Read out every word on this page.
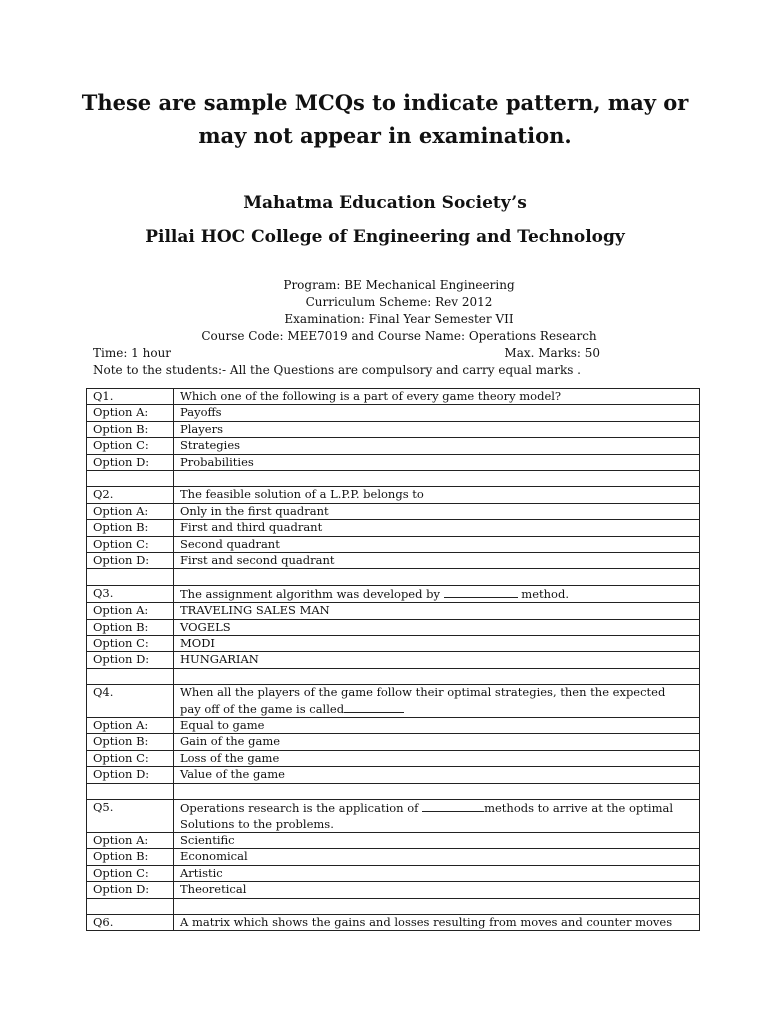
These are sample MCQs to indicate pattern, may or
may not appear in examination.
Mahatma Education Society’s
Pillai HOC College of Engineering and Technology
Program: BE Mechanical Engineering
Curriculum Scheme: Rev 2012
Examination: Final Year Semester VII
Course Code: MEE7019 and Course Name: Operations Research
Time: 1 hour	Max. Marks: 50
Note to the students:- All the Questions are compulsory and carry equal marks .
Q1.	Which one of the following is a part of every game theory model?
Option A:	Payoffs
Option B:	Players
Option C:	Strategies
Option D:	Probabilities

Q2.	The feasible solution of a L.P.P. belongs to
Option A:	Only in the first quadrant
Option B:	First and third quadrant
Option C:	Second quadrant
Option D:	First and second quadrant

Q3.	The assignment algorithm was developed by method.
Option A:	TRAVELING SALES MAN
Option B:	VOGELS
Option C:	MODI
Option D:	HUNGARIAN

Q4.	When all the players of the game follow their optimal strategies, then the expected
pay off of the game is called
Option A:	Equal to game
Option B:	Gain of the game
Option C:	Loss of the game
Option D:	Value of the game

Q5.	Operations research is the application of methods to arrive at the optimal
Solutions to the problems.
Option A:	Scientific
Option B:	Economical
Option C:	Artistic
Option D:	Theoretical

Q6.	A matrix which shows the gains and losses resulting from moves and counter moves
